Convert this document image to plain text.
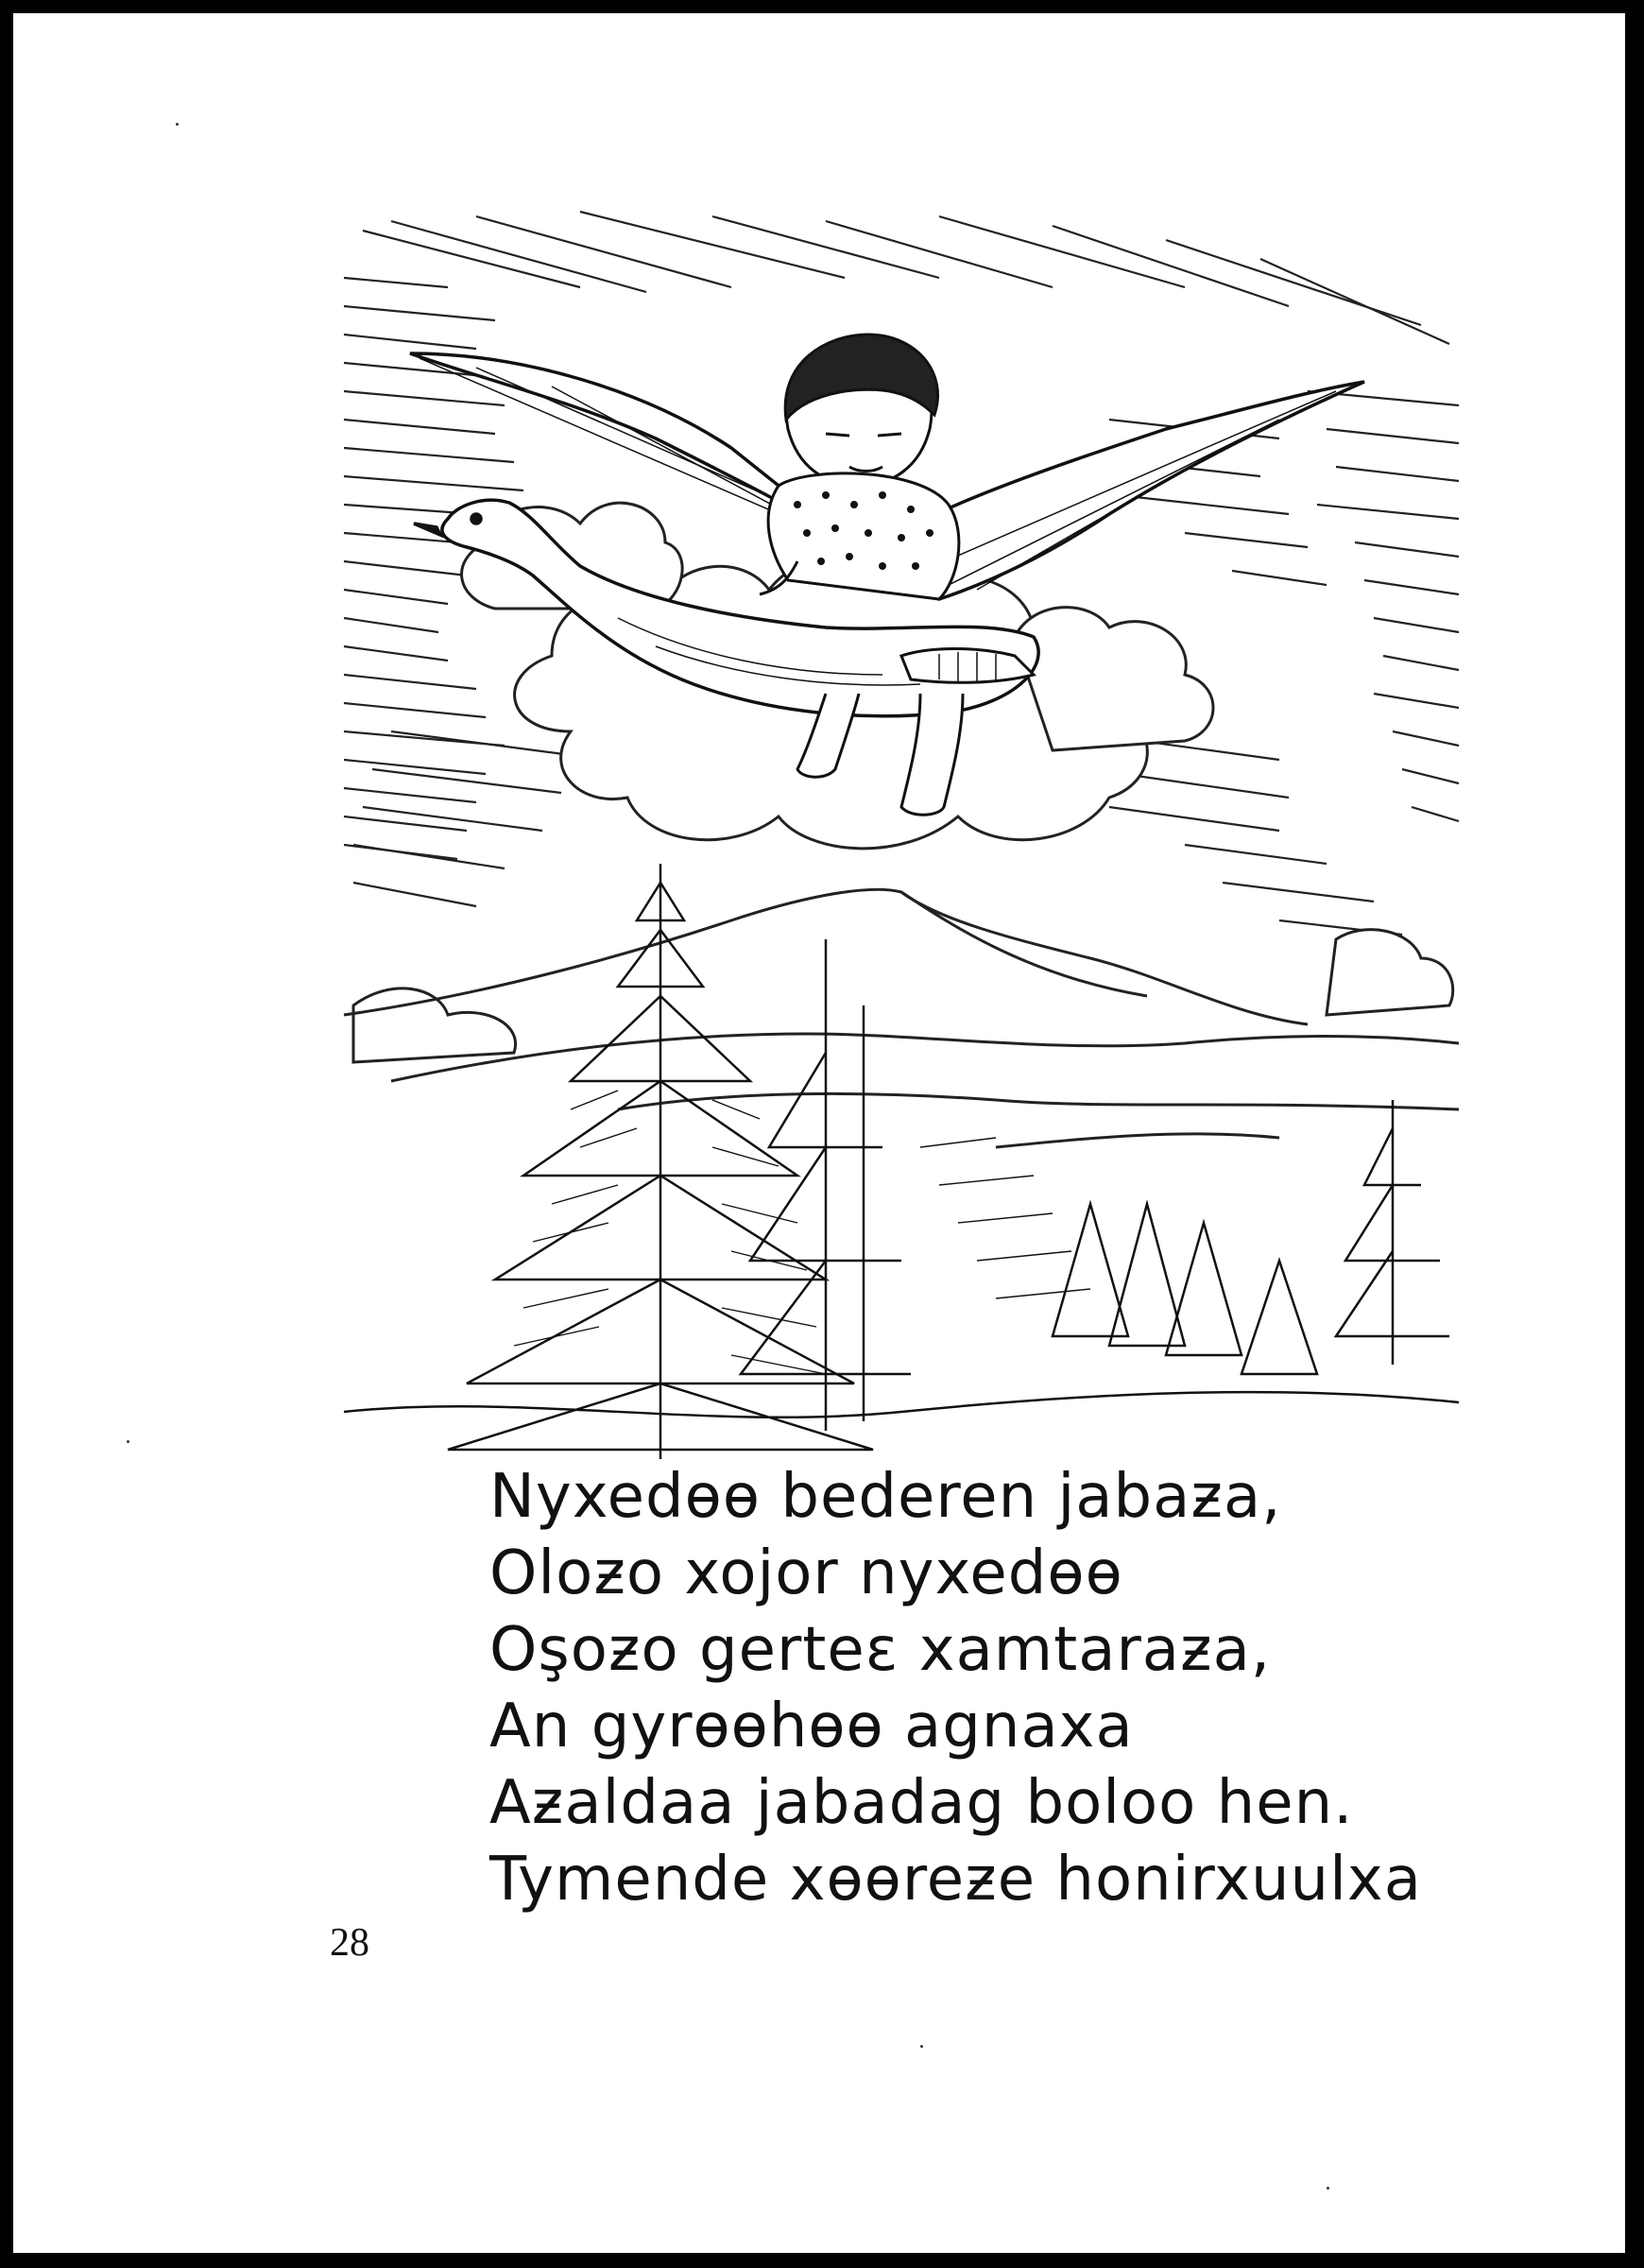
Nyxedɵɵ bederen jabaƶa,
Oloƶo xojor nyxedɵɵ
Oşoƶo gerteɛ xamtaraƶa,
An gyrɵɵhɵɵ agnaxa
Aƶaldaa jabadag boloo hen.
Tymende xɵɵreƶe honirxuulxa
28
